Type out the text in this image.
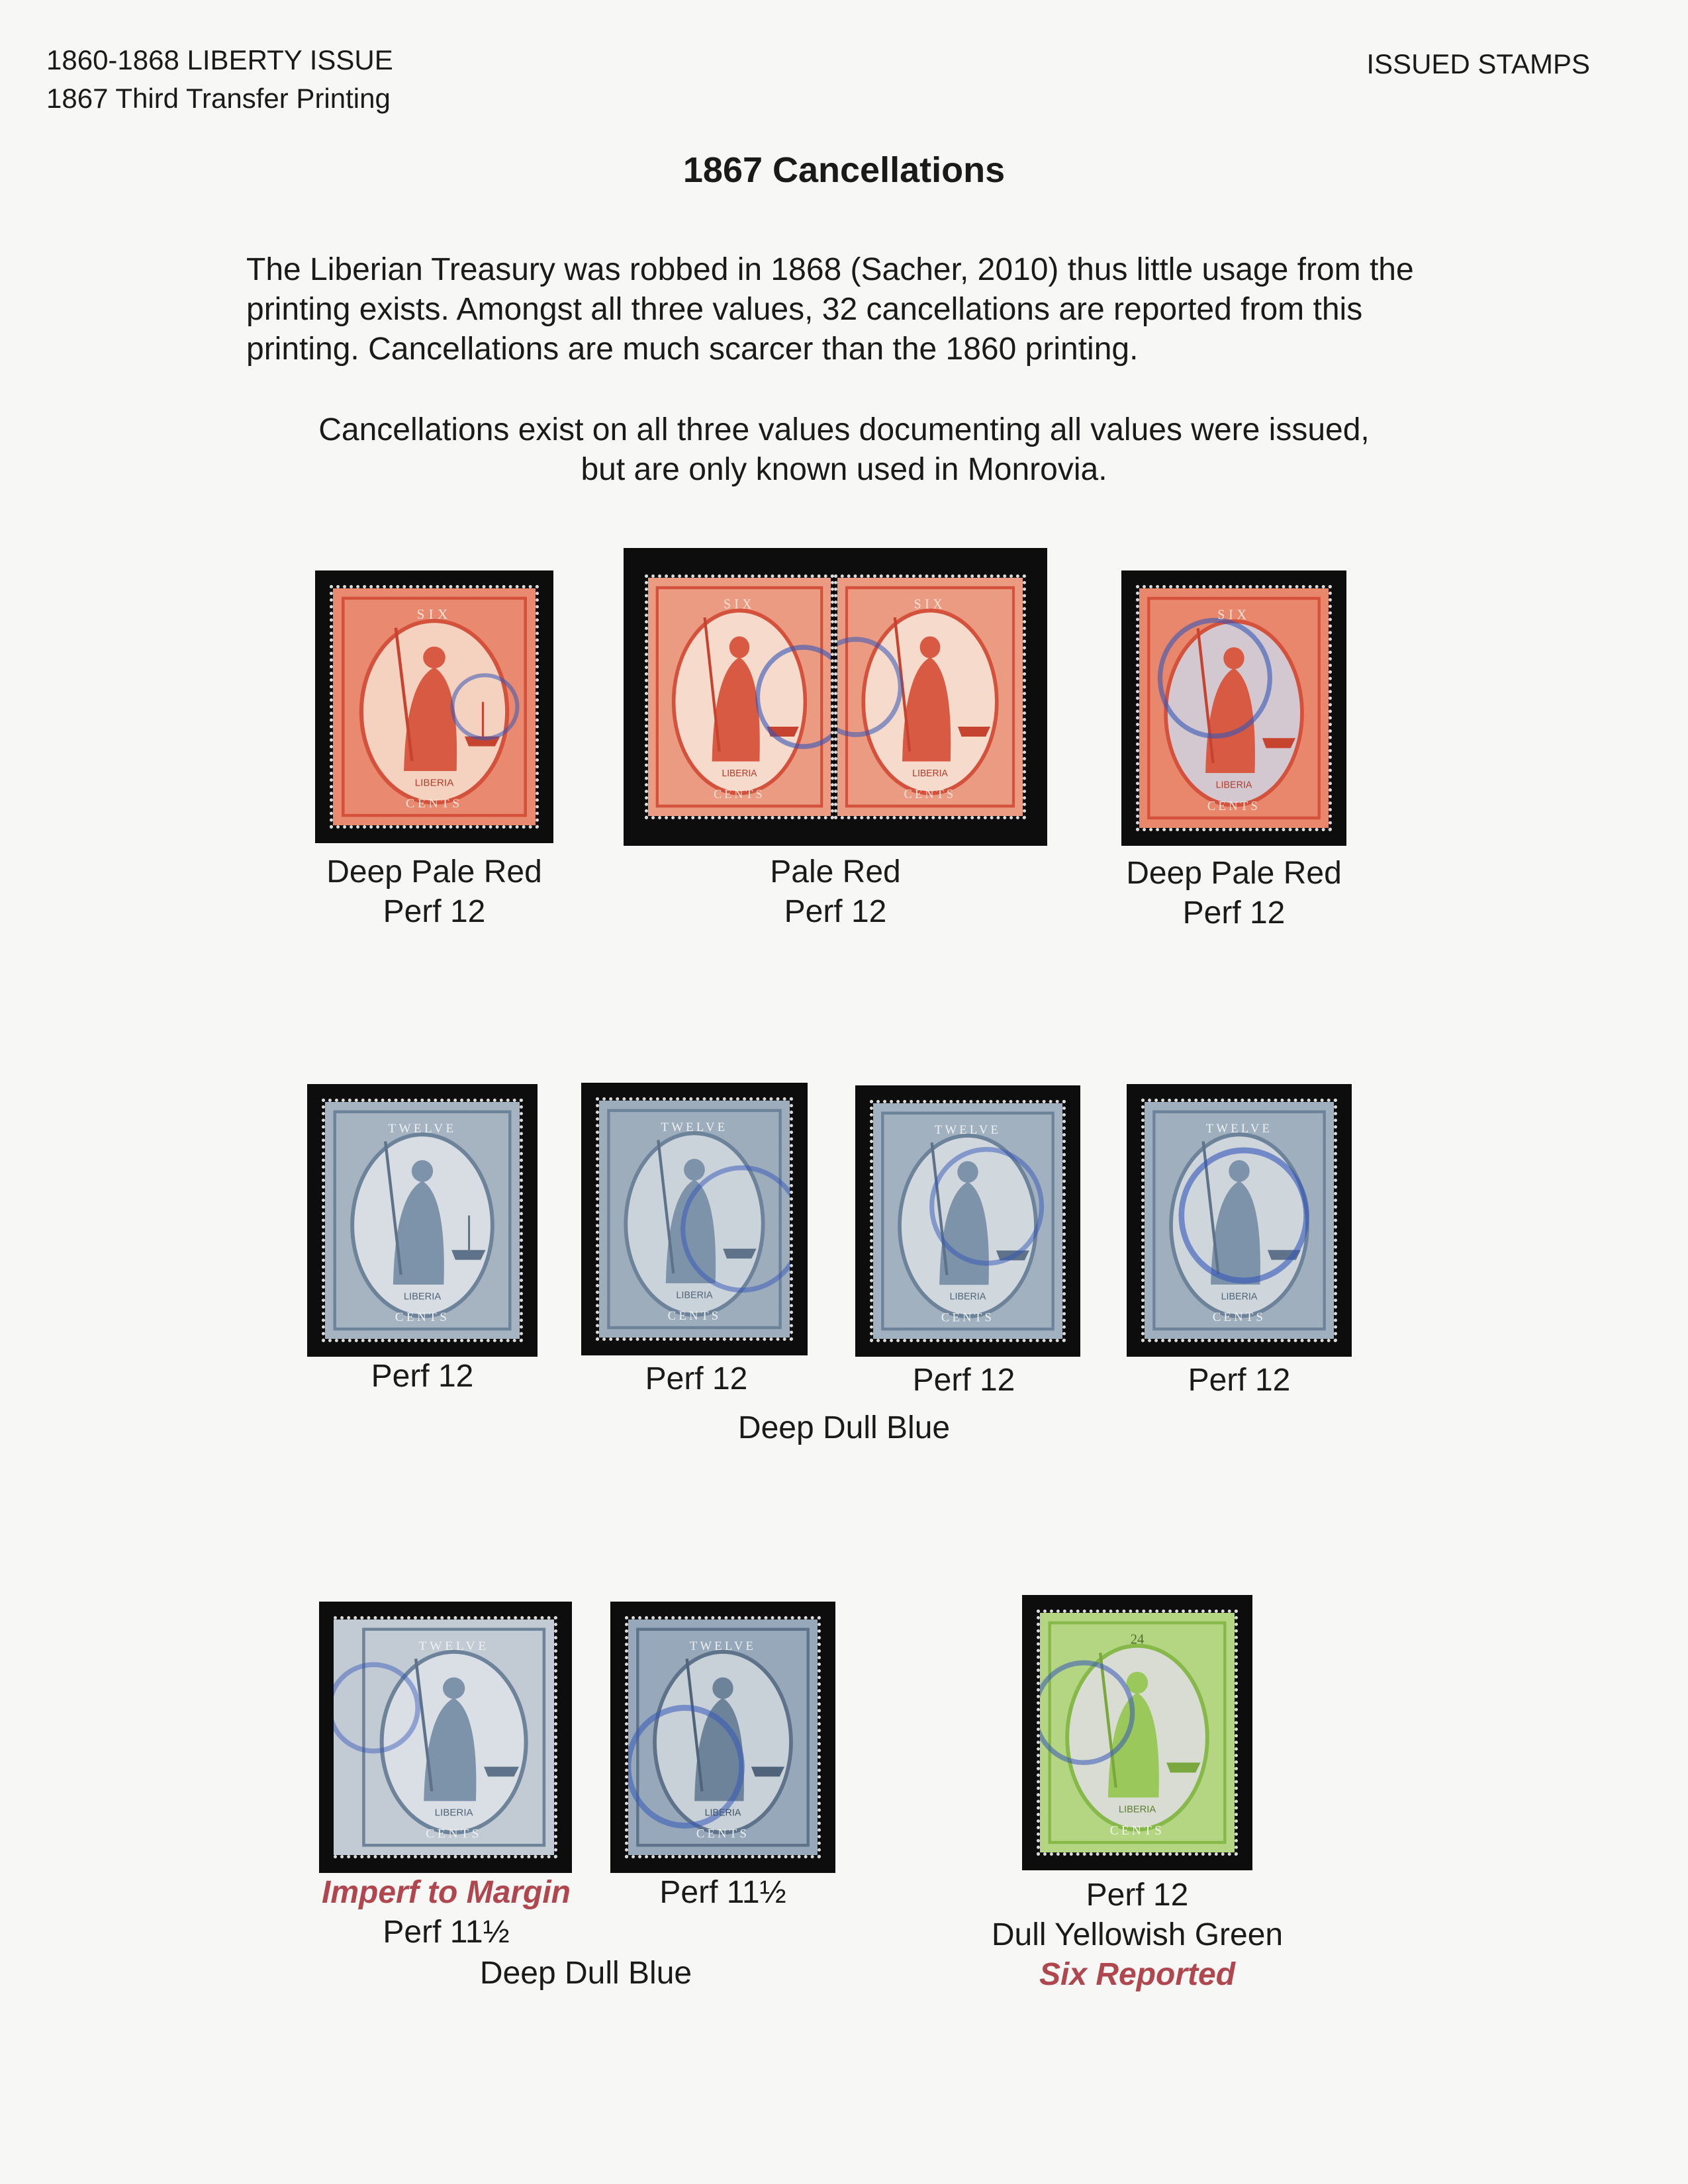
1860-1868 LIBERTY ISSUE
1867 Third Transfer Printing
ISSUED STAMPS
1867 Cancellations
The Liberian Treasury was robbed in 1868 (Sacher, 2010) thus little usage from the printing exists. Amongst all three values, 32 cancellations are reported from this printing. Cancellations are much scarcer than the 1860 printing.
Cancellations exist on all three values documenting all values were issued,
but are only known used in Monrovia.
SIX
LIBERIA
CENTS
SIX
LIBERIA
CENTS
SIX
LIBERIA
CENTS
SIX
LIBERIA
CENTS
Deep Pale Red
Perf 12
Pale Red
Perf 12
Deep Pale Red
Perf 12
TWELVE
LIBERIA
CENTS
TWELVE
LIBERIA
CENTS
TWELVE
LIBERIA
CENTS
TWELVE
LIBERIA
CENTS
Perf 12	Perf 12	Perf 12	Perf 12
Deep Dull Blue
TWELVE
LIBERIA
CENTS
TWELVE
LIBERIA
CENTS
24
LIBERIA
CENTS
Imperf to Margin
Perf 11½
Perf 11½
Deep Dull Blue
Perf 12
Dull Yellowish Green
Six Reported
